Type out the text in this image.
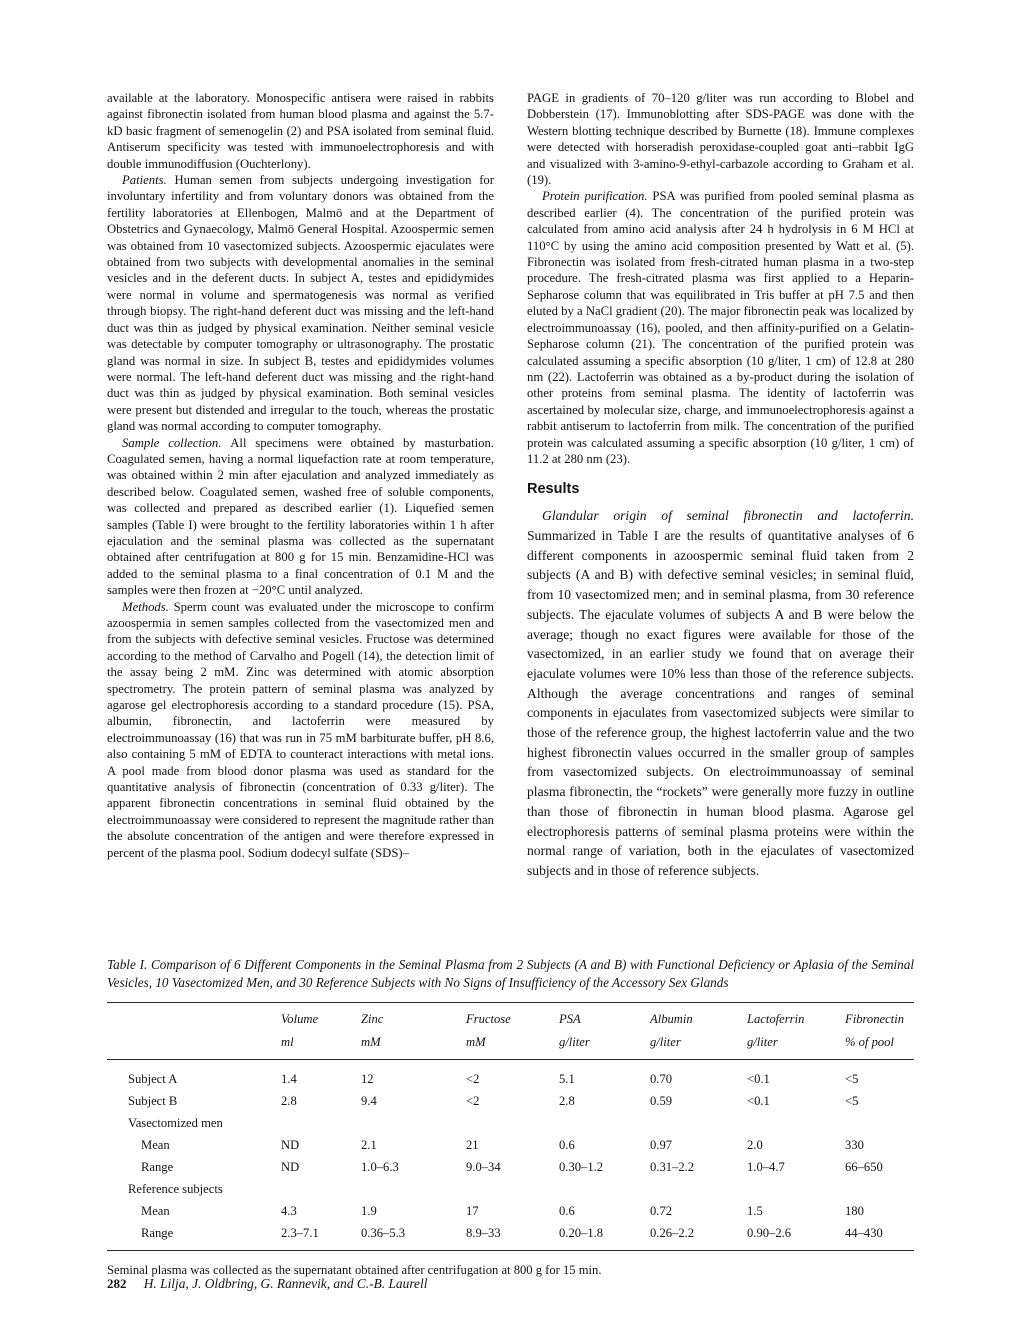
available at the laboratory. Monospecific antisera were raised in rabbits against fibronectin isolated from human blood plasma and against the 5.7-kD basic fragment of semenogelin (2) and PSA isolated from seminal fluid. Antiserum specificity was tested with immunoelectrophoresis and with double immunodiffusion (Ouchterlony).

Patients. Human semen from subjects undergoing investigation for involuntary infertility and from voluntary donors was obtained from the fertility laboratories at Ellenbogen, Malmö and at the Department of Obstetrics and Gynaecology, Malmö General Hospital. Azoospermic semen was obtained from 10 vasectomized subjects. Azoospermic ejaculates were obtained from two subjects with developmental anomalies in the seminal vesicles and in the deferent ducts. In subject A, testes and epididymides were normal in volume and spermatogenesis was normal as verified through biopsy. The right-hand deferent duct was missing and the left-hand duct was thin as judged by physical examination. Neither seminal vesicle was detectable by computer tomography or ultrasonography. The prostatic gland was normal in size. In subject B, testes and epididymides volumes were normal. The left-hand deferent duct was missing and the right-hand duct was thin as judged by physical examination. Both seminal vesicles were present but distended and irregular to the touch, whereas the prostatic gland was normal according to computer tomography.

Sample collection. All specimens were obtained by masturbation. Coagulated semen, having a normal liquefaction rate at room temperature, was obtained within 2 min after ejaculation and analyzed immediately as described below. Coagulated semen, washed free of soluble components, was collected and prepared as described earlier (1). Liquefied semen samples (Table I) were brought to the fertility laboratories within 1 h after ejaculation and the seminal plasma was collected as the supernatant obtained after centrifugation at 800 g for 15 min. Benzamidine-HCl was added to the seminal plasma to a final concentration of 0.1 M and the samples were then frozen at −20°C until analyzed.

Methods. Sperm count was evaluated under the microscope to confirm azoospermia in semen samples collected from the vasectomized men and from the subjects with defective seminal vesicles. Fructose was determined according to the method of Carvalho and Pogell (14), the detection limit of the assay being 2 mM. Zinc was determined with atomic absorption spectrometry. The protein pattern of seminal plasma was analyzed by agarose gel electrophoresis according to a standard procedure (15). PSA, albumin, fibronectin, and lactoferrin were measured by electroimmunoassay (16) that was run in 75 mM barbiturate buffer, pH 8.6, also containing 5 mM of EDTA to counteract interactions with metal ions. A pool made from blood donor plasma was used as standard for the quantitative analysis of fibronectin (concentration of 0.33 g/liter). The apparent fibronectin concentrations in seminal fluid obtained by the electroimmunoassay were considered to represent the magnitude rather than the absolute concentration of the antigen and were therefore expressed in percent of the plasma pool. Sodium dodecyl sulfate (SDS)–

PAGE in gradients of 70–120 g/liter was run according to Blobel and Dobberstein (17). Immunoblotting after SDS-PAGE was done with the Western blotting technique described by Burnette (18). Immune complexes were detected with horseradish peroxidase-coupled goat anti–rabbit IgG and visualized with 3-amino-9-ethyl-carbazole according to Graham et al. (19).

Protein purification. PSA was purified from pooled seminal plasma as described earlier (4). The concentration of the purified protein was calculated from amino acid analysis after 24 h hydrolysis in 6 M HCl at 110°C by using the amino acid composition presented by Watt et al. (5). Fibronectin was isolated from fresh-citrated human plasma in a two-step procedure. The fresh-citrated plasma was first applied to a Heparin-Sepharose column that was equilibrated in Tris buffer at pH 7.5 and then eluted by a NaCl gradient (20). The major fibronectin peak was localized by electroimmunoassay (16), pooled, and then affinity-purified on a Gelatin-Sepharose column (21). The concentration of the purified protein was calculated assuming a specific absorption (10 g/liter, 1 cm) of 12.8 at 280 nm (22). Lactoferrin was obtained as a by-product during the isolation of other proteins from seminal plasma. The identity of lactoferrin was ascertained by molecular size, charge, and immunoelectrophoresis against a rabbit antiserum to lactoferrin from milk. The concentration of the purified protein was calculated assuming a specific absorption (10 g/liter, 1 cm) of 11.2 at 280 nm (23).

Results

Glandular origin of seminal fibronectin and lactoferrin. Summarized in Table I are the results of quantitative analyses of 6 different components in azoospermic seminal fluid taken from 2 subjects (A and B) with defective seminal vesicles; in seminal fluid, from 10 vasectomized men; and in seminal plasma, from 30 reference subjects. The ejaculate volumes of subjects A and B were below the average; though no exact figures were available for those of the vasectomized, in an earlier study we found that on average their ejaculate volumes were 10% less than those of the reference subjects. Although the average concentrations and ranges of seminal components in ejaculates from vasectomized subjects were similar to those of the reference group, the highest lactoferrin value and the two highest fibronectin values occurred in the smaller group of samples from vasectomized subjects. On electroimmunoassay of seminal plasma fibronectin, the “rockets” were generally more fuzzy in outline than those of fibronectin in human blood plasma. Agarose gel electrophoresis patterns of seminal plasma proteins were within the normal range of variation, both in the ejaculates of vasectomized subjects and in those of reference subjects.

Table I. Comparison of 6 Different Components in the Seminal Plasma from 2 Subjects (A and B) with Functional Deficiency or Aplasia of the Seminal Vesicles, 10 Vasectomized Men, and 30 Reference Subjects with No Signs of Insufficiency of the Accessory Sex Glands

	Volume	Zinc	Fructose	PSA	Albumin	Lactoferrin	Fibronectin
	ml	mM	mM	g/liter	g/liter	g/liter	% of pool
Subject A	1.4	12	<2	5.1	0.70	<0.1	<5
Subject B	2.8	9.4	<2	2.8	0.59	<0.1	<5
Vasectomized men							
Mean	ND	2.1	21	0.6	0.97	2.0	330
Range	ND	1.0–6.3	9.0–34	0.30–1.2	0.31–2.2	1.0–4.7	66–650
Reference subjects							
Mean	4.3	1.9	17	0.6	0.72	1.5	180
Range	2.3–7.1	0.36–5.3	8.9–33	0.20–1.8	0.26–2.2	0.90–2.6	44–430

Seminal plasma was collected as the supernatant obtained after centrifugation at 800 g for 15 min.

282 H. Lilja, J. Oldbring, G. Rannevik, and C.-B. Laurell
